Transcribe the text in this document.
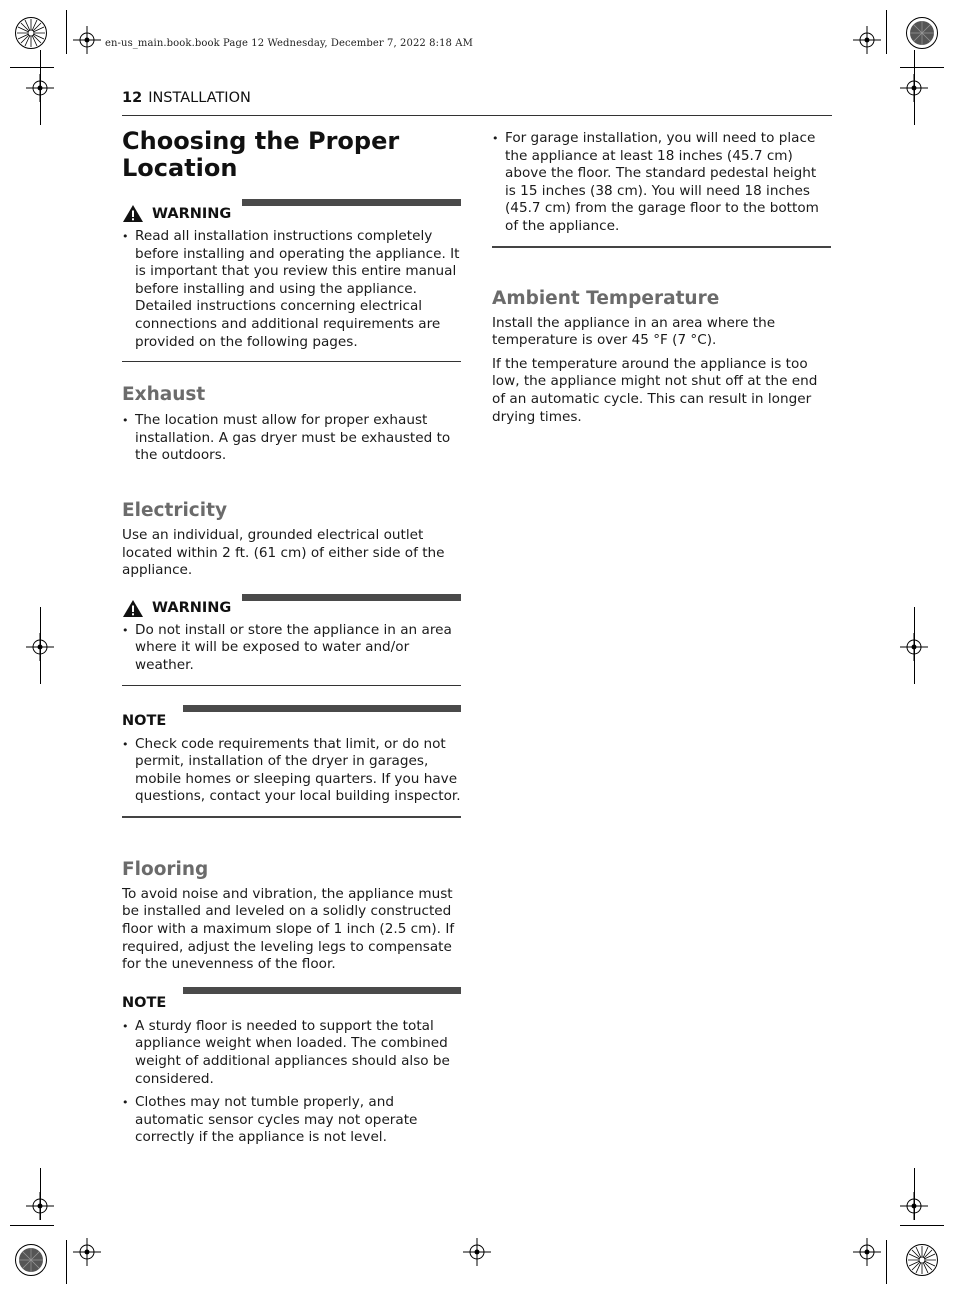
en-us_main.book.book Page 12 Wednesday, December 7, 2022 8:18 AM
12 INSTALLATION
Choosing the Proper Location
WARNING
• Read all installation instructions completely before installing and operating the appliance. It is important that you review this entire manual before installing and using the appliance. Detailed instructions concerning electrical connections and additional requirements are provided on the following pages.
Exhaust
• The location must allow for proper exhaust installation. A gas dryer must be exhausted to the outdoors.
Electricity

Use an individual, grounded electrical outlet located within 2 ft. (61 cm) of either side of the appliance.

WARNING
• Do not install or store the appliance in an area where it will be exposed to water and/or weather.
NOTE
• Check code requirements that limit, or do not permit, installation of the dryer in garages, mobile homes or sleeping quarters. If you have questions, contact your local building inspector.
Flooring

To avoid noise and vibration, the appliance must be installed and leveled on a solidly constructed floor with a maximum slope of 1 inch (2.5 cm). If required, adjust the leveling legs to compensate for the unevenness of the floor.

NOTE
• A sturdy floor is needed to support the total appliance weight when loaded. The combined weight of additional appliances should also be considered.
• Clothes may not tumble properly, and automatic sensor cycles may not operate correctly if the appliance is not level.
• For garage installation, you will need to place the appliance at least 18 inches (45.7 cm) above the floor. The standard pedestal height is 15 inches (38 cm). You will need 18 inches (45.7 cm) from the garage floor to the bottom of the appliance.
Ambient Temperature

Install the appliance in an area where the temperature is over 45 °F (7 °C).

If the temperature around the appliance is too low, the appliance might not shut off at the end of an automatic cycle. This can result in longer drying times.
